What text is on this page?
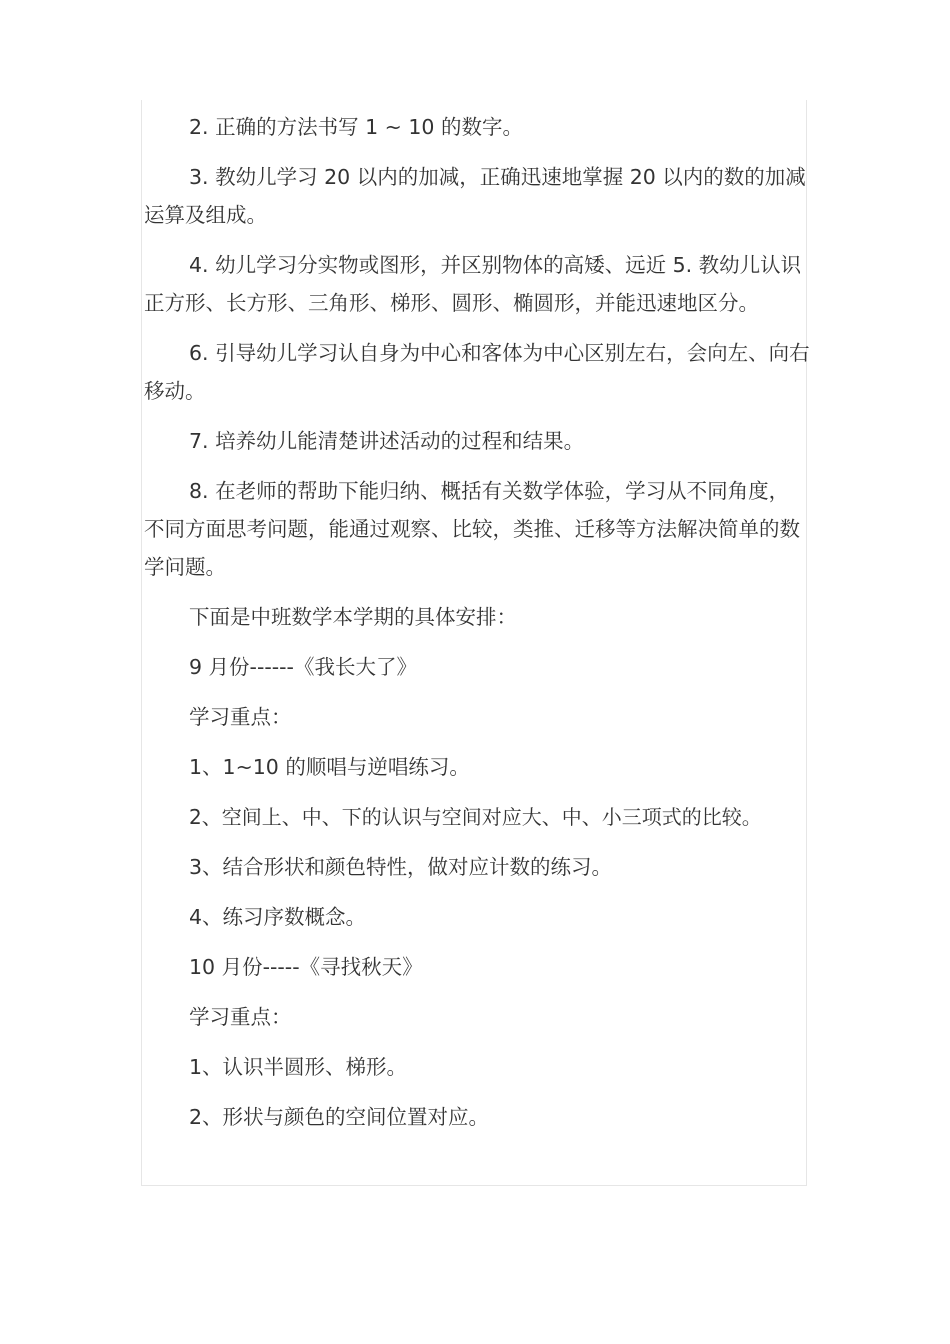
2. 正确的方法书写 1 ~ 10 的数字。

3. 教幼儿学习 20 以内的加减，正确迅速地掌握 20 以内的数的加减运算及组成。

4. 幼儿学习分实物或图形，并区别物体的高矮、远近 5. 教幼儿认识正方形、长方形、三角形、梯形、圆形、椭圆形，并能迅速地区分。

6. 引导幼儿学习认自身为中心和客体为中心区别左右，会向左、向右移动。

7. 培养幼儿能清楚讲述活动的过程和结果。

8. 在老师的帮助下能归纳、概括有关数学体验，学习从不同角度，不同方面思考问题，能通过观察、比较，类推、迁移等方法解决简单的数学问题。

下面是中班数学本学期的具体安排：

9 月份------《我长大了》

学习重点：

1、1~10 的顺唱与逆唱练习。

2、空间上、中、下的认识与空间对应大、中、小三项式的比较。

3、结合形状和颜色特性，做对应计数的练习。

4、练习序数概念。

10 月份-----《寻找秋天》

学习重点：

1、认识半圆形、梯形。

2、形状与颜色的空间位置对应。
